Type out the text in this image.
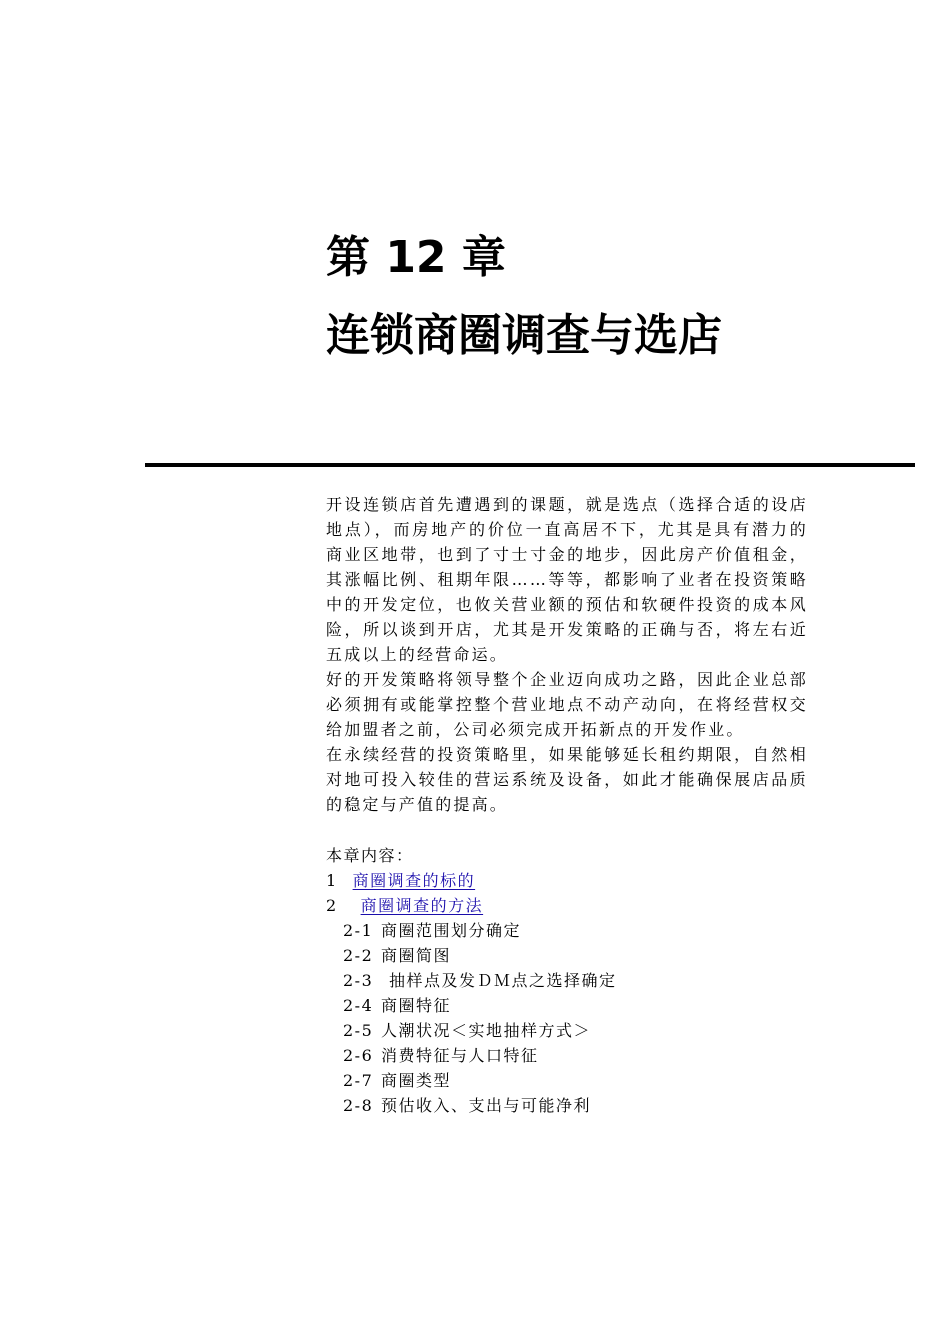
第 12 章
连锁商圈调查与选店

开设连锁店首先遭遇到的课题，就是选点（选择合适的设店地点），而房地产的价位一直高居不下，尤其是具有潜力的商业区地带，也到了寸士寸金的地步，因此房产价值租金，其涨幅比例、租期年限……等等，都影响了业者在投资策略中的开发定位，也攸关营业额的预估和软硬件投资的成本风险，所以谈到开店，尤其是开发策略的正确与否，将左右近五成以上的经营命运。

好的开发策略将领导整个企业迈向成功之路，因此企业总部必须拥有或能掌控整个营业地点不动产动向，在将经营权交给加盟者之前，公司必须完成开拓新点的开发作业。

在永续经营的投资策略里，如果能够延长租约期限，自然相对地可投入较佳的营运系统及设备，如此才能确保展店品质的稳定与产值的提高。

本章内容：
1 商圈调查的标的
2 商圈调查的方法
2-1 商圈范围划分确定
2-2 商圈简图
2-3 抽样点及发ＤＭ点之选择确定
2-4 商圈特征
2-5 人潮状况＜实地抽样方式＞
2-6 消费特征与人口特征
2-7 商圈类型
2-8 预估收入、支出与可能净利
